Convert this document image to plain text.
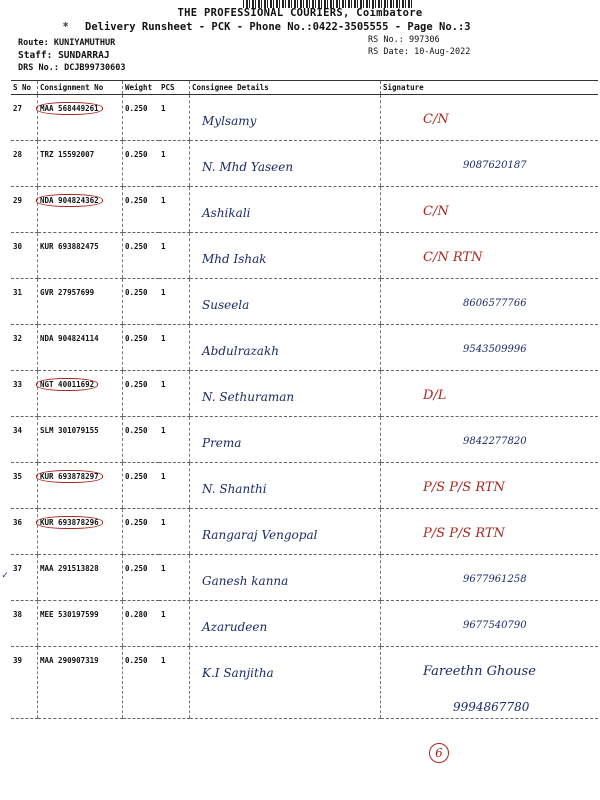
✱
THE PROFESSIONAL COURIERS, Coimbatore
Delivery Runsheet - PCK - Phone No.:0422-3505555 - Page No.:3
Route: KUNIYAMUTHUR
Staff: SUNDARRAJ
DRS No.: DCJB99730603
RS No.: 997306
RS Date: 10-Aug-2022
S No	Consignment No	Weight	PCS	Consignee Details	Signature
27	MAA 568449261	0.250	1	Mylsamy	C/N

28	TRZ 15592007	0.250	1	N. Mhd Yaseen	9087620187

29	NDA 904824362	0.250	1	Ashikali	C/N

30	KUR 693882475	0.250	1	Mhd Ishak	C/N RTN

31	GVR 27957699	0.250	1	Suseela	8606577766

32	NDA 904824114	0.250	1	Abdulrazakh	9543509996

33	NGT 40011692	0.250	1	N. Sethuraman	D/L

34	SLM 301079155	0.250	1	Prema	9842277820

35	KUR 693878297	0.250	1	N. Shanthi	P/S P/S RTN

36	KUR 693878296	0.250	1	Rangaraj Vengopal	P/S P/S RTN

37	MAA 291513828	0.250	1	Ganesh kanna	9677961258

38	MEE 530197599	0.280	1	Azarudeen	9677540790

39	MAA 290907319	0.250	1	K.I Sanjitha	Fareethn Ghouse
9994867780
6
✓
